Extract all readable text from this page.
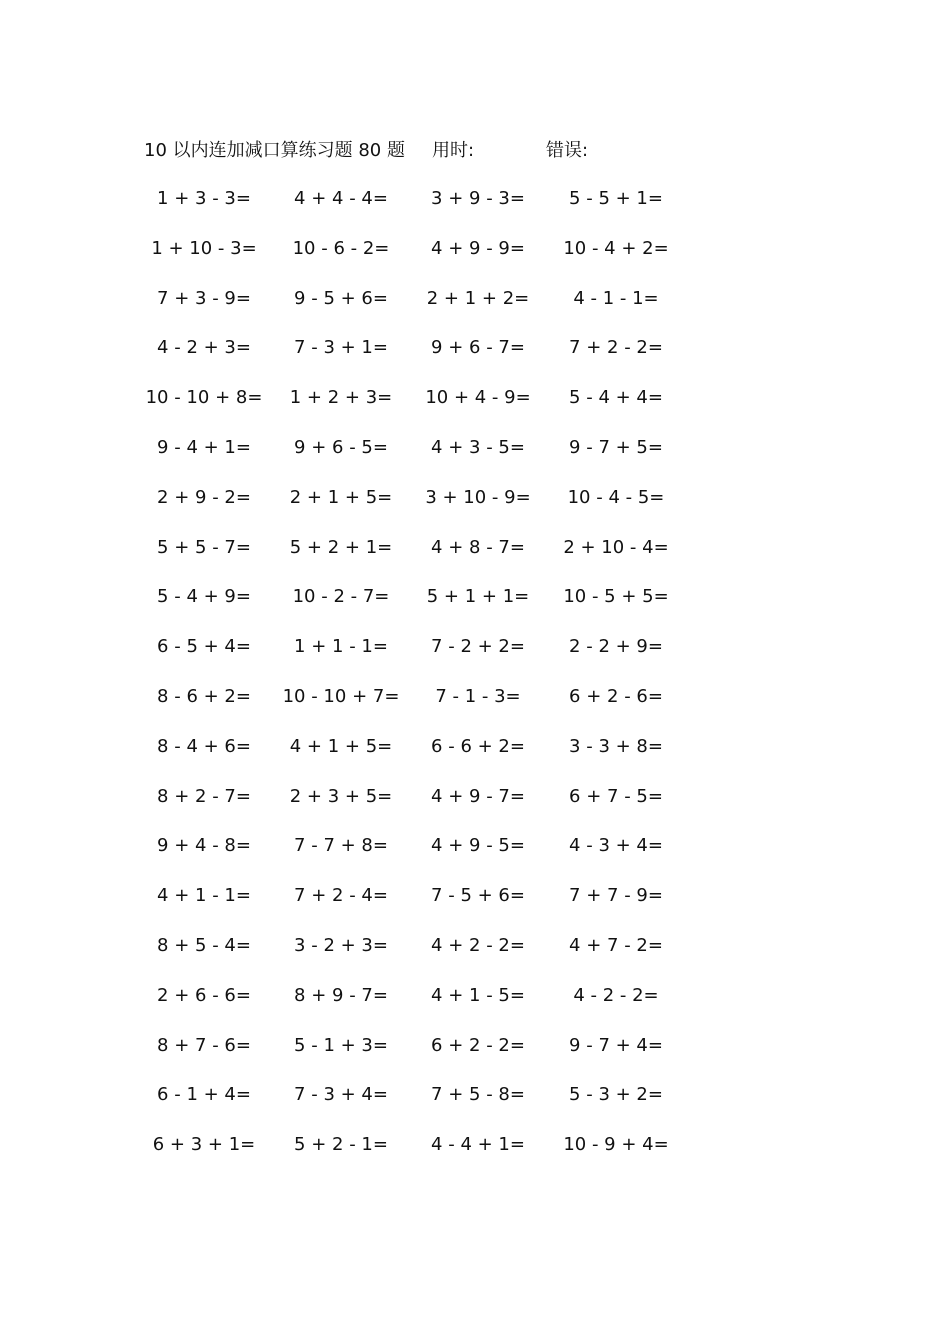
10 以内连加减口算练习题 80 题 用时:	错误:
1 + 3 - 3=	4 + 4 - 4=	3 + 9 - 3=	5 - 5 + 1=
1 + 10 - 3=	10 - 6 - 2=	4 + 9 - 9=	10 - 4 + 2=
7 + 3 - 9=	9 - 5 + 6=	2 + 1 + 2=	4 - 1 - 1=
4 - 2 + 3=	7 - 3 + 1=	9 + 6 - 7=	7 + 2 - 2=
10 - 10 + 8=	1 + 2 + 3=	10 + 4 - 9=	5 - 4 + 4=
9 - 4 + 1=	9 + 6 - 5=	4 + 3 - 5=	9 - 7 + 5=
2 + 9 - 2=	2 + 1 + 5=	3 + 10 - 9=	10 - 4 - 5=
5 + 5 - 7=	5 + 2 + 1=	4 + 8 - 7=	2 + 10 - 4=
5 - 4 + 9=	10 - 2 - 7=	5 + 1 + 1=	10 - 5 + 5=
6 - 5 + 4=	1 + 1 - 1=	7 - 2 + 2=	2 - 2 + 9=
8 - 6 + 2=	10 - 10 + 7=	7 - 1 - 3=	6 + 2 - 6=
8 - 4 + 6=	4 + 1 + 5=	6 - 6 + 2=	3 - 3 + 8=
8 + 2 - 7=	2 + 3 + 5=	4 + 9 - 7=	6 + 7 - 5=
9 + 4 - 8=	7 - 7 + 8=	4 + 9 - 5=	4 - 3 + 4=
4 + 1 - 1=	7 + 2 - 4=	7 - 5 + 6=	7 + 7 - 9=
8 + 5 - 4=	3 - 2 + 3=	4 + 2 - 2=	4 + 7 - 2=
2 + 6 - 6=	8 + 9 - 7=	4 + 1 - 5=	4 - 2 - 2=
8 + 7 - 6=	5 - 1 + 3=	6 + 2 - 2=	9 - 7 + 4=
6 - 1 + 4=	7 - 3 + 4=	7 + 5 - 8=	5 - 3 + 2=
6 + 3 + 1=	5 + 2 - 1=	4 - 4 + 1=	10 - 9 + 4=
